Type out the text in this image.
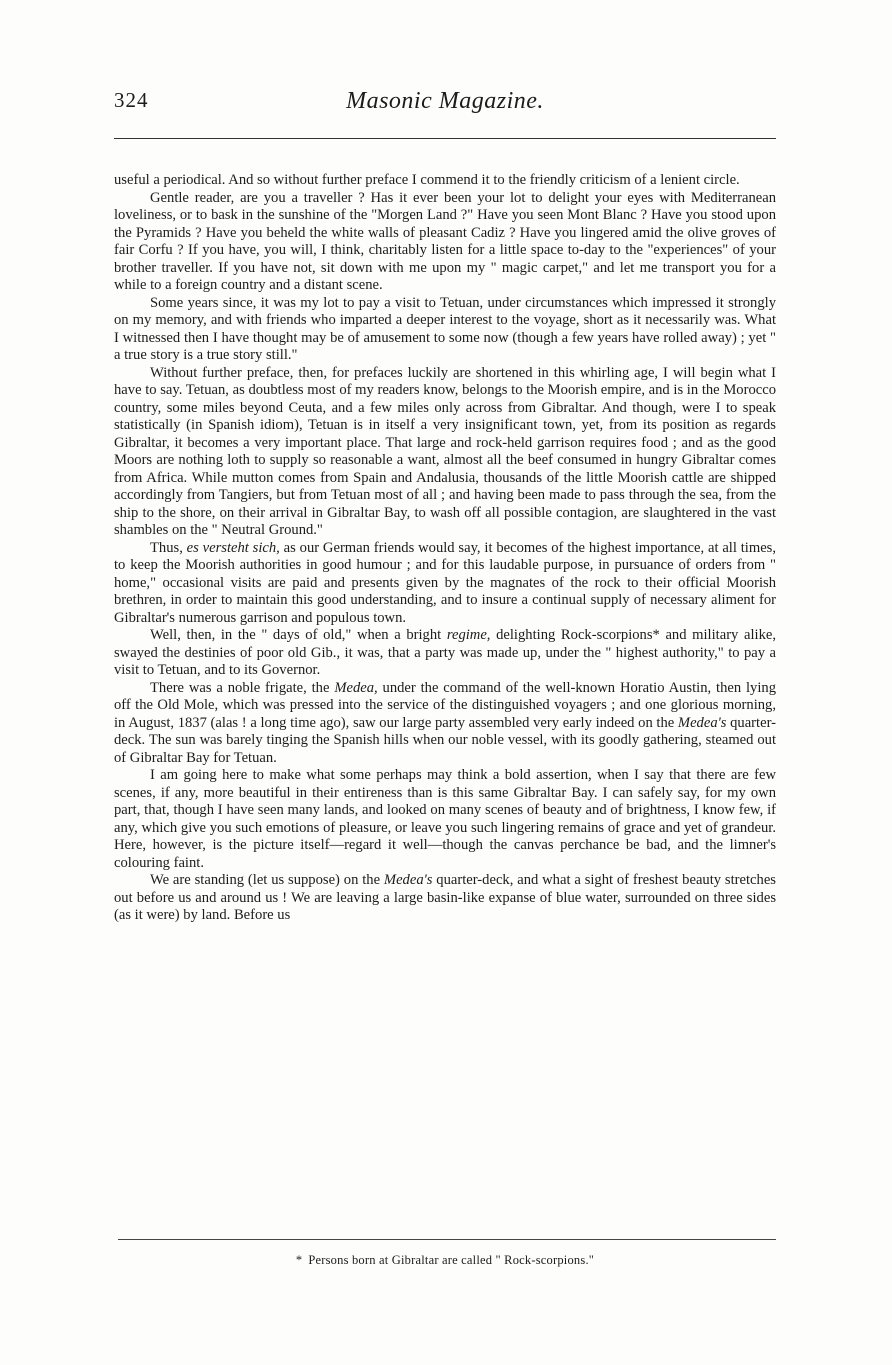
324	Masonic Magazine.

useful a periodical. And so without further preface I commend it to the friendly criticism of a lenient circle.

Gentle reader, are you a traveller ? Has it ever been your lot to delight your eyes with Mediterranean loveliness, or to bask in the sunshine of the "Morgen Land ?" Have you seen Mont Blanc ? Have you stood upon the Pyramids ? Have you beheld the white walls of pleasant Cadiz ? Have you lingered amid the olive groves of fair Corfu ? If you have, you will, I think, charitably listen for a little space to-day to the "experiences" of your brother traveller. If you have not, sit down with me upon my " magic carpet," and let me transport you for a while to a foreign country and a distant scene.

Some years since, it was my lot to pay a visit to Tetuan, under circumstances which impressed it strongly on my memory, and with friends who imparted a deeper interest to the voyage, short as it necessarily was. What I witnessed then I have thought may be of amusement to some now (though a few years have rolled away) ; yet " a true story is a true story still."

Without further preface, then, for prefaces luckily are shortened in this whirling age, I will begin what I have to say. Tetuan, as doubtless most of my readers know, belongs to the Moorish empire, and is in the Morocco country, some miles beyond Ceuta, and a few miles only across from Gibraltar. And though, were I to speak statistically (in Spanish idiom), Tetuan is in itself a very insignificant town, yet, from its position as regards Gibraltar, it becomes a very important place. That large and rock-held garrison requires food ; and as the good Moors are nothing loth to supply so reasonable a want, almost all the beef consumed in hungry Gibraltar comes from Africa. While mutton comes from Spain and Andalusia, thousands of the little Moorish cattle are shipped accordingly from Tangiers, but from Tetuan most of all ; and having been made to pass through the sea, from the ship to the shore, on their arrival in Gibraltar Bay, to wash off all possible contagion, are slaughtered in the vast shambles on the " Neutral Ground."

Thus, es versteht sich, as our German friends would say, it becomes of the highest importance, at all times, to keep the Moorish authorities in good humour ; and for this laudable purpose, in pursuance of orders from " home," occasional visits are paid and presents given by the magnates of the rock to their official Moorish brethren, in order to maintain this good understanding, and to insure a continual supply of necessary aliment for Gibraltar's numerous garrison and populous town.

Well, then, in the " days of old," when a bright regime, delighting Rock-scorpions* and military alike, swayed the destinies of poor old Gib., it was, that a party was made up, under the " highest authority," to pay a visit to Tetuan, and to its Governor.

There was a noble frigate, the Medea, under the command of the well-known Horatio Austin, then lying off the Old Mole, which was pressed into the service of the distinguished voyagers ; and one glorious morning, in August, 1837 (alas ! a long time ago), saw our large party assembled very early indeed on the Medea's quarter-deck. The sun was barely tinging the Spanish hills when our noble vessel, with its goodly gathering, steamed out of Gibraltar Bay for Tetuan.

I am going here to make what some perhaps may think a bold assertion, when I say that there are few scenes, if any, more beautiful in their entireness than is this same Gibraltar Bay. I can safely say, for my own part, that, though I have seen many lands, and looked on many scenes of beauty and of brightness, I know few, if any, which give you such emotions of pleasure, or leave you such lingering remains of grace and yet of grandeur. Here, however, is the picture itself—regard it well—though the canvas perchance be bad, and the limner's colouring faint.

We are standing (let us suppose) on the Medea's quarter-deck, and what a sight of freshest beauty stretches out before us and around us ! We are leaving a large basin-like expanse of blue water, surrounded on three sides (as it were) by land. Before us

* Persons born at Gibraltar are called " Rock-scorpions."
